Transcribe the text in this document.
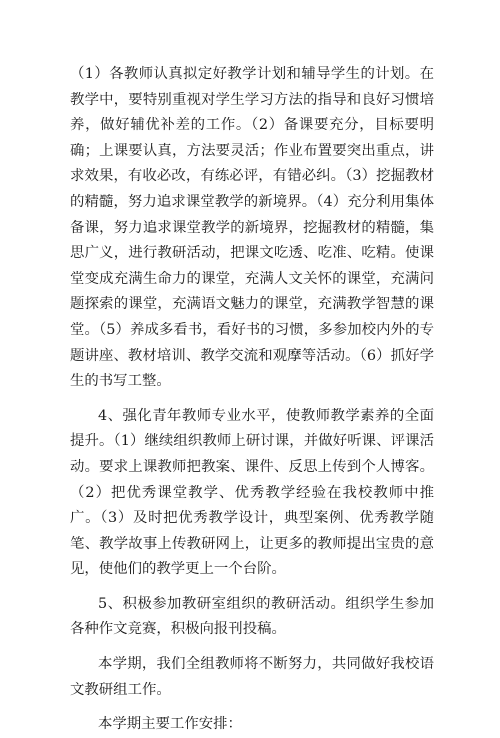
（1）各教师认真拟定好教学计划和辅导学生的计划。在教学中，要特别重视对学生学习方法的指导和良好习惯培养，做好辅优补差的工作。（2）备课要充分，目标要明确；上课要认真，方法要灵活；作业布置要突出重点，讲求效果，有收必改，有练必评，有错必纠。（3）挖掘教材的精髓，努力追求课堂教学的新境界。（4）充分利用集体备课，努力追求课堂教学的新境界，挖掘教材的精髓，集思广义，进行教研活动，把课文吃透、吃准、吃精。使课堂变成充满生命力的课堂，充满人文关怀的课堂，充满问题探索的课堂，充满语文魅力的课堂，充满教学智慧的课堂。（5）养成多看书，看好书的习惯，多参加校内外的专题讲座、教材培训、教学交流和观摩等活动。（6）抓好学生的书写工整。

4、强化青年教师专业水平，使教师教学素养的全面提升。（1）继续组织教师上研讨课，并做好听课、评课活动。要求上课教师把教案、课件、反思上传到个人博客。（2）把优秀课堂教学、优秀教学经验在我校教师中推广。（3）及时把优秀教学设计，典型案例、优秀教学随笔、教学故事上传教研网上，让更多的教师提出宝贵的意见，使他们的教学更上一个台阶。

5、积极参加教研室组织的教研活动。组织学生参加各种作文竞赛，积极向报刊投稿。

本学期，我们全组教师将不断努力，共同做好我校语文教研组工作。

本学期主要工作安排：
